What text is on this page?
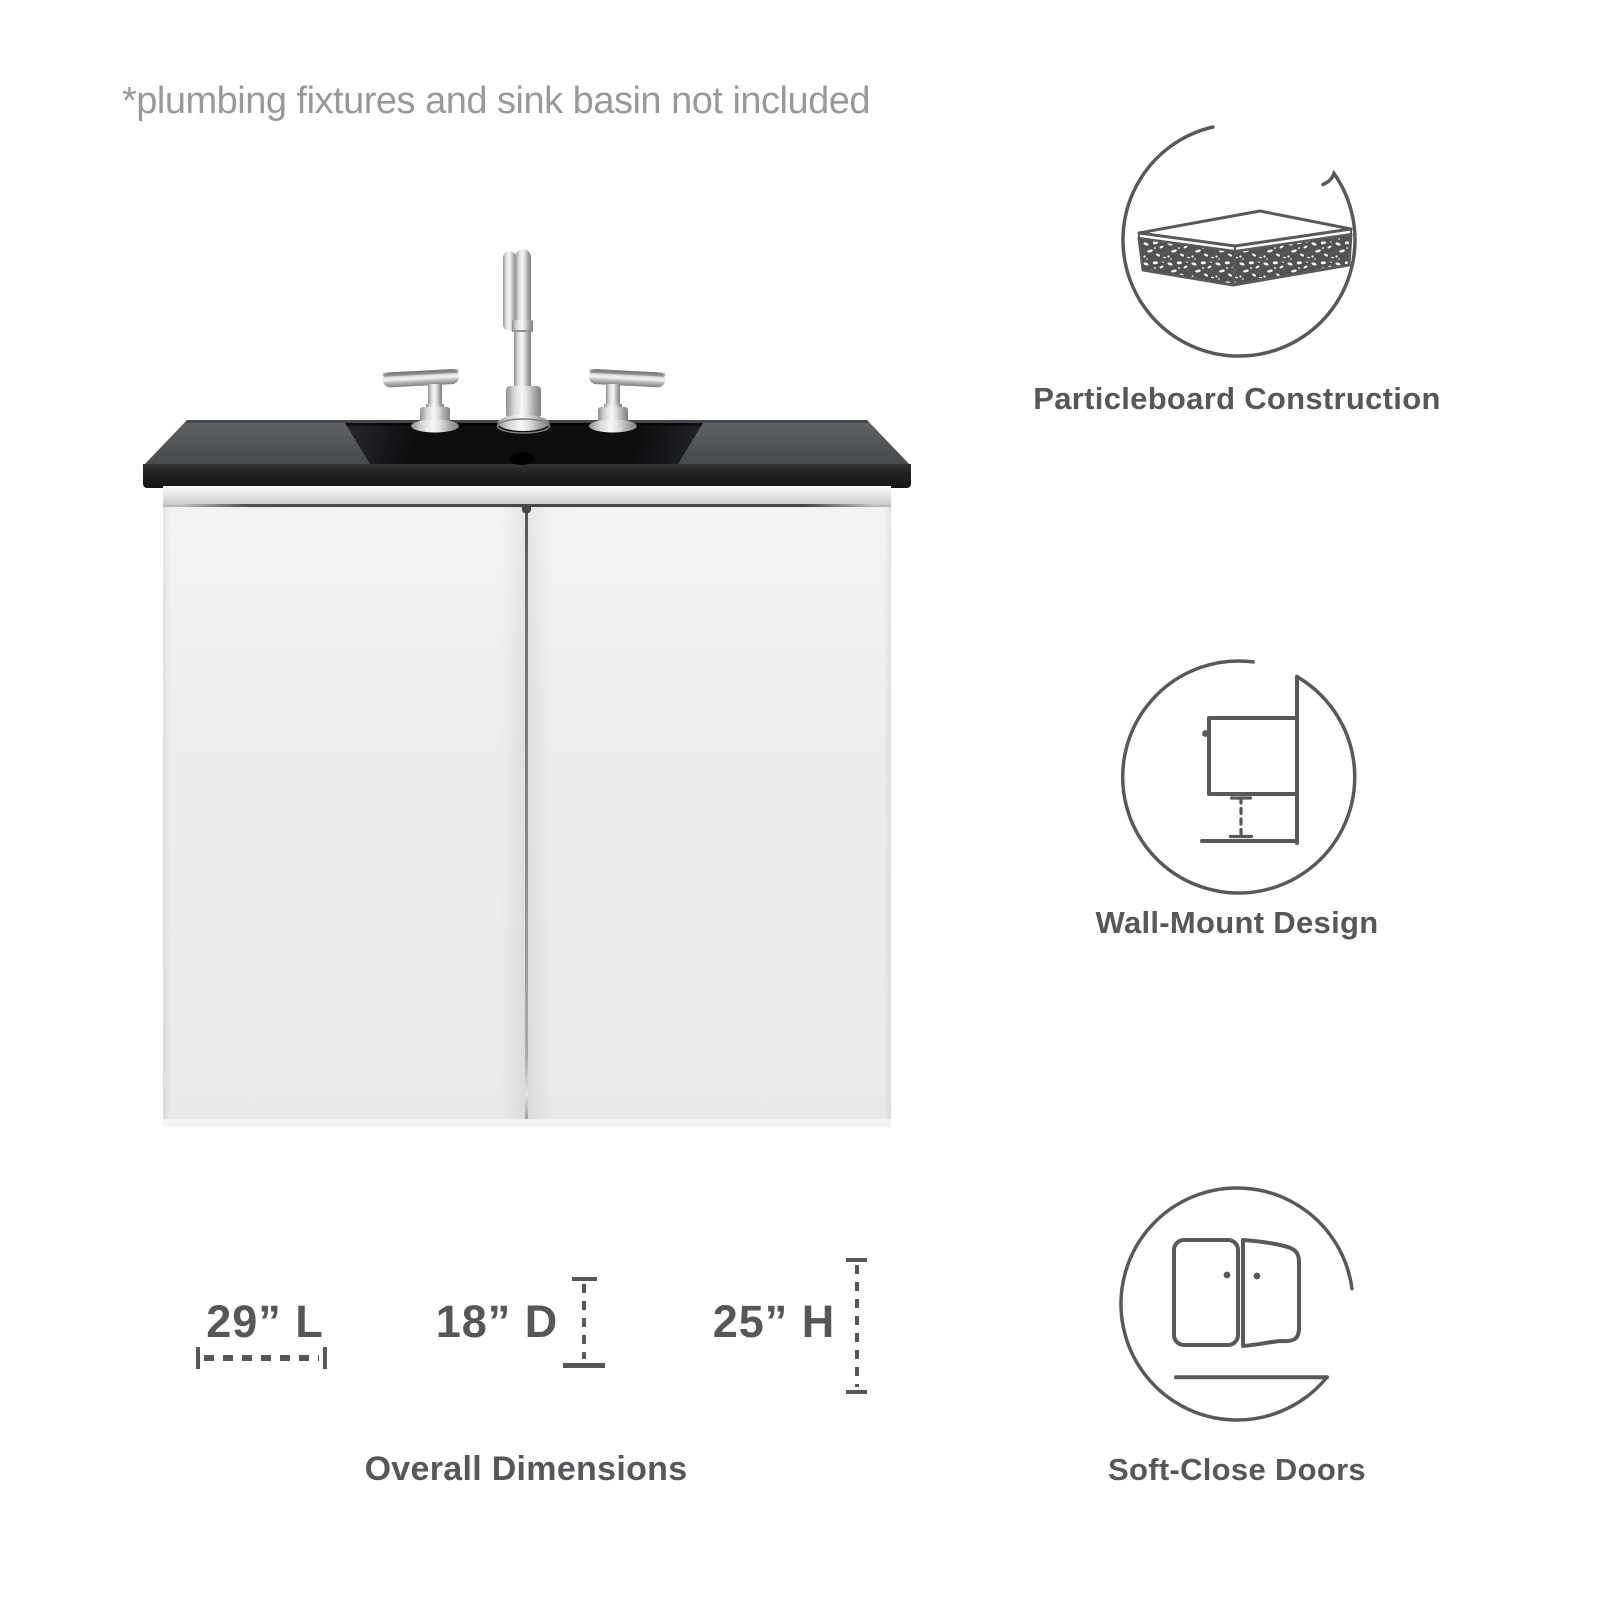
*plumbing fixtures and sink basin not included
29” L 18” D	25” H
Overall Dimensions
Particleboard Construction
Wall-Mount Design
Soft-Close Doors
